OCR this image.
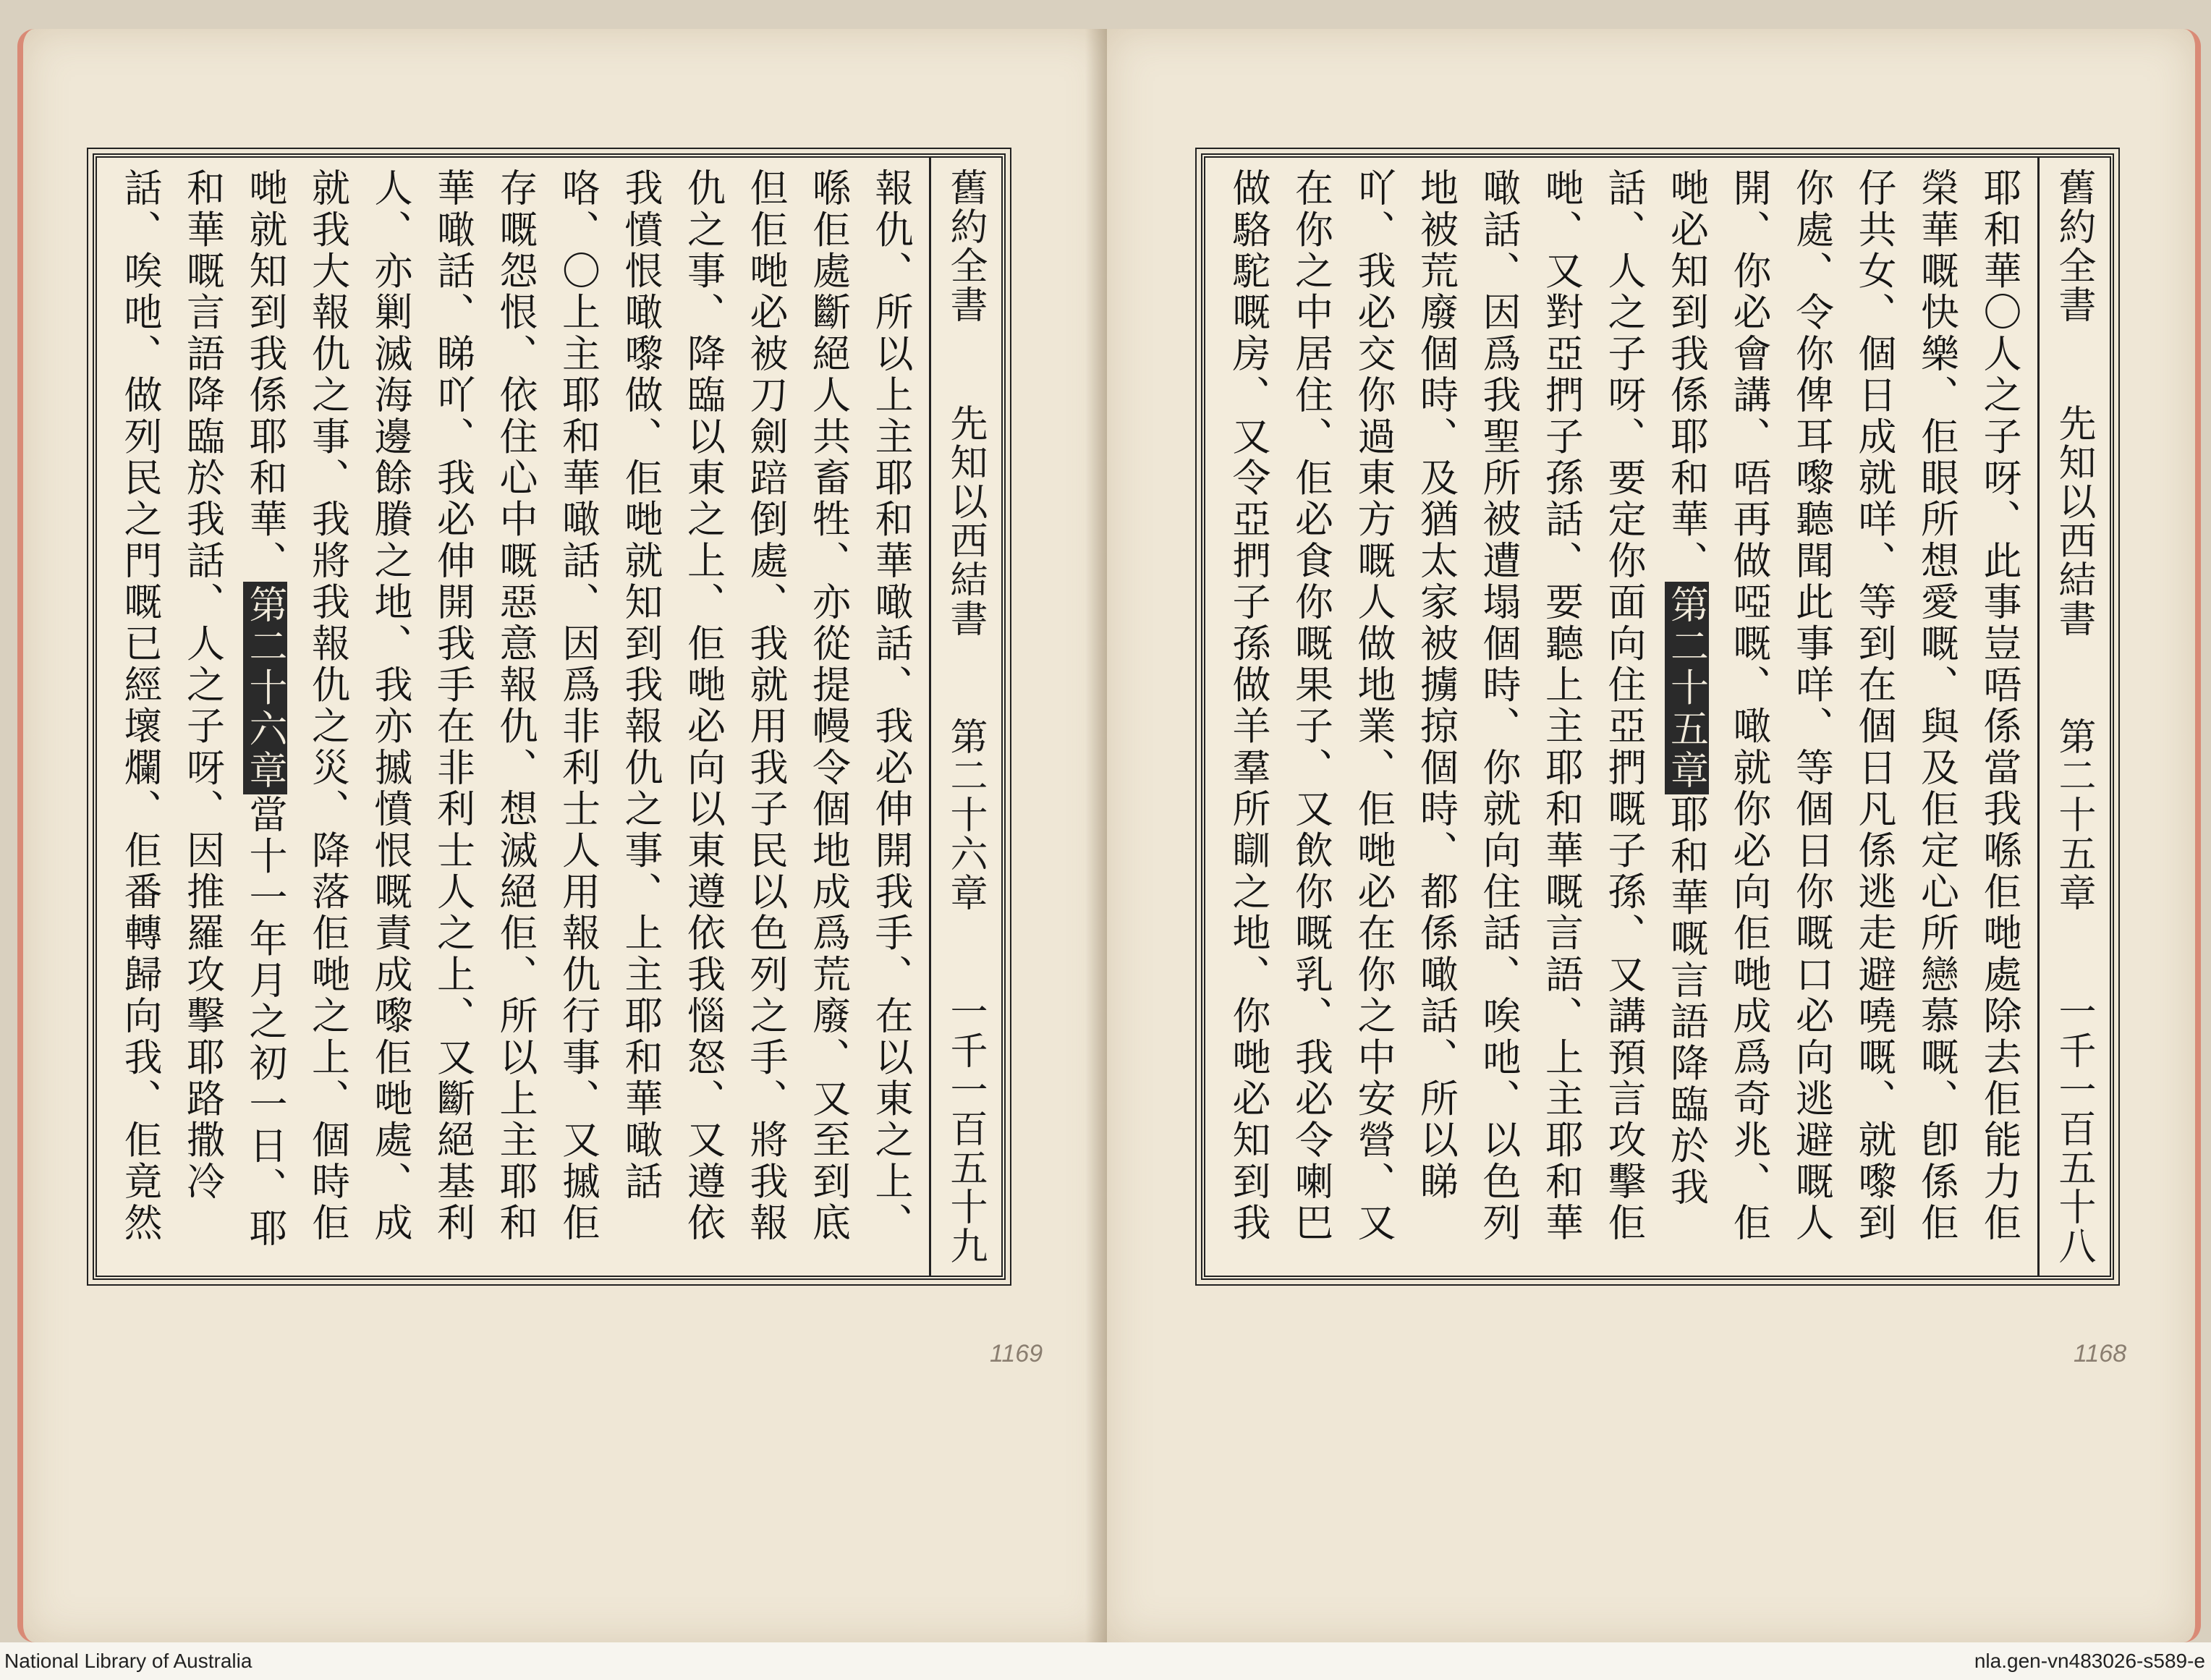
舊約全書
先知以西結書
第二十六章
一千一百五十九
報仇、所以上主耶和華噉話、我必伸開我手、在以東之上、喺佢處斷絕人共畜牲、亦從提幔令個地成爲荒廢、又至到底但佢哋必被刀劍踣倒處、我就用我子民以色列之手、將我報仇之事、降臨以東之上、佢哋必向以東遵依我惱怒、又遵依我憤恨噉嚟做、佢哋就知到我報仇之事、上主耶和華噉話咯、〇上主耶和華噉話、因爲非利士人用報仇行事、又摵佢存嘅怨恨、依住心中嘅惡意報仇、想滅絕佢、所以上主耶和華噉話、睇吖、我必伸開我手在非利士人之上、又斷絕基利人、亦剿滅海邊餘賸之地、我亦摵憤恨嘅責成嚟佢哋處、成就我大報仇之事、我將我報仇之災、降落佢哋之上、個時佢哋就知到我係耶和華、第二十六章當十一年月之初一日、耶和華嘅言語降臨於我話、人之子呀、因推羅攻擊耶路撒冷話、唉吔、做列民之門嘅已經壞爛、佢番轉歸向我、佢竟然
1169
舊約全書
先知以西結書
第二十五章
一千一百五十八
耶和華〇人之子呀、此事豈唔係當我喺佢哋處除去佢能力佢榮華嘅快樂、佢眼所想愛嘅、與及佢定心所戀慕嘅、卽係佢仔共女、個日成就咩、等到在個日凡係逃走避嘵嘅、就嚟到你處、令你俾耳嚟聽聞此事咩、等個日你嘅口必向逃避嘅人開、你必會講、唔再做啞嘅、噉就你必向佢哋成爲奇兆、佢哋必知到我係耶和華、第二十五章耶和華嘅言語降臨於我話、人之子呀、要定你面向住亞捫嘅子孫、又講預言攻擊佢哋、又對亞捫子孫話、要聽上主耶和華嘅言語、上主耶和華噉話、因爲我聖所被遭塌個時、你就向住話、唉吔、以色列地被荒廢個時、及猶太家被擄掠個時、都係噉話、所以睇吖、我必交你過東方嘅人做地業、佢哋必在你之中安營、又在你之中居住、佢必食你嘅果子、又飲你嘅乳、我必令喇巴做駱駝嘅房、又令亞捫子孫做羊羣所瞓之地、你哋必知到我
1168
National Library of Australia	nla.gen-vn483026-s589-e
